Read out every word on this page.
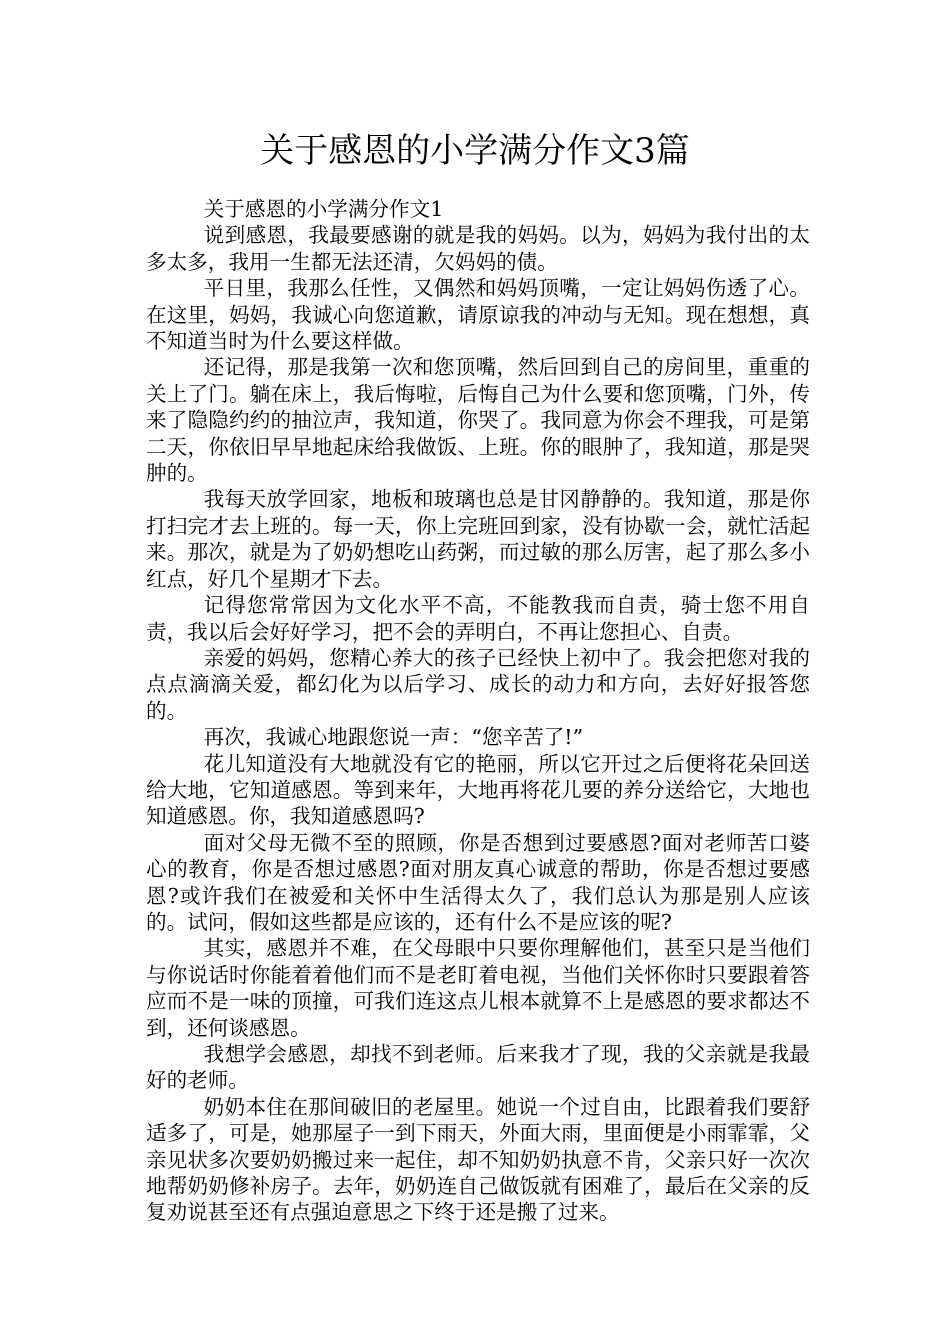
关于感恩的小学满分作文3篇

关于感恩的小学满分作文1

说到感恩，我最要感谢的就是我的妈妈。以为，妈妈为我付出的太多太多，我用一生都无法还清，欠妈妈的债。

平日里，我那么任性，又偶然和妈妈顶嘴，一定让妈妈伤透了心。在这里，妈妈，我诚心向您道歉，请原谅我的冲动与无知。现在想想，真不知道当时为什么要这样做。

还记得，那是我第一次和您顶嘴，然后回到自己的房间里，重重的关上了门。躺在床上，我后悔啦，后悔自己为什么要和您顶嘴，门外，传来了隐隐约约的抽泣声，我知道，你哭了。我同意为你会不理我，可是第二天，你依旧早早地起床给我做饭、上班。你的眼肿了，我知道，那是哭肿的。

我每天放学回家，地板和玻璃也总是甘冈静静的。我知道，那是你打扫完才去上班的。每一天，你上完班回到家，没有协歇一会，就忙活起来。那次，就是为了奶奶想吃山药粥，而过敏的那么厉害，起了那么多小红点，好几个星期才下去。

记得您常常因为文化水平不高，不能教我而自责，骑士您不用自责，我以后会好好学习，把不会的弄明白，不再让您担心、自责。

亲爱的妈妈，您精心养大的孩子已经快上初中了。我会把您对我的点点滴滴关爱，都幻化为以后学习、成长的动力和方向，去好好报答您的。

再次，我诚心地跟您说一声：“您辛苦了!”

花儿知道没有大地就没有它的艳丽，所以它开过之后便将花朵回送给大地，它知道感恩。等到来年，大地再将花儿要的养分送给它，大地也知道感恩。你，我知道感恩吗?

面对父母无微不至的照顾，你是否想到过要感恩?面对老师苦口婆心的教育，你是否想过感恩?面对朋友真心诚意的帮助，你是否想过要感恩?或许我们在被爱和关怀中生活得太久了，我们总认为那是别人应该的。试问，假如这些都是应该的，还有什么不是应该的呢?

其实，感恩并不难，在父母眼中只要你理解他们，甚至只是当他们与你说话时你能着着他们而不是老盯着电视，当他们关怀你时只要跟着答应而不是一味的顶撞，可我们连这点儿根本就算不上是感恩的要求都达不到，还何谈感恩。

我想学会感恩，却找不到老师。后来我才了现，我的父亲就是我最好的老师。

奶奶本住在那间破旧的老屋里。她说一个过自由，比跟着我们要舒适多了，可是，她那屋子一到下雨天，外面大雨，里面便是小雨霏霏，父亲见状多次要奶奶搬过来一起住，却不知奶奶执意不肯，父亲只好一次次地帮奶奶修补房子。去年，奶奶连自己做饭就有困难了，最后在父亲的反复劝说甚至还有点强迫意思之下终于还是搬了过来。
